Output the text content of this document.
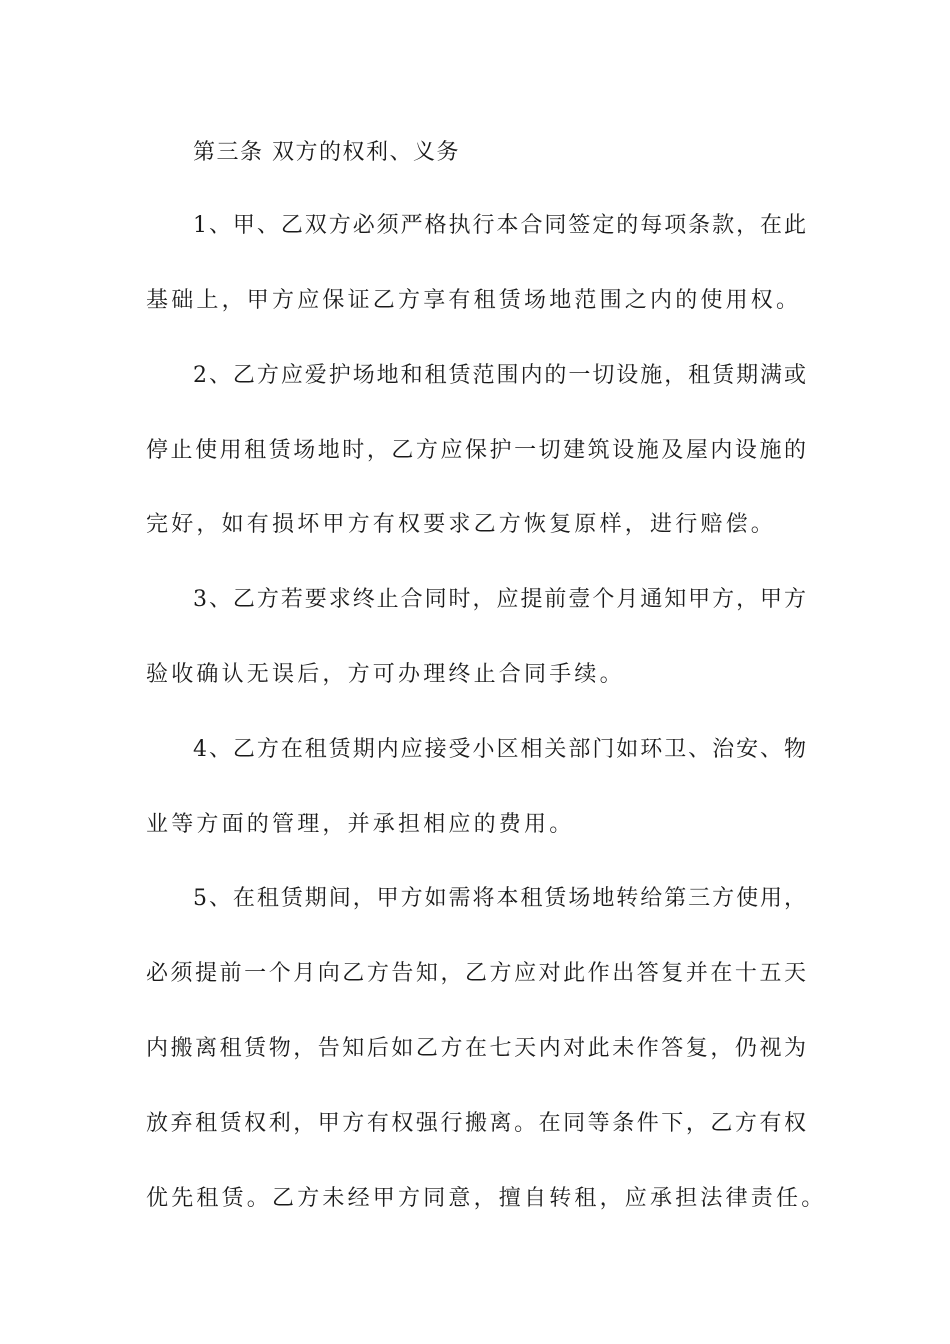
第三条 双方的权利、义务
1、甲、乙双方必须严格执行本合同签定的每项条款，在此
基础上，甲方应保证乙方享有租赁场地范围之内的使用权。
2、乙方应爱护场地和租赁范围内的一切设施，租赁期满或
停止使用租赁场地时，乙方应保护一切建筑设施及屋内设施的
完好，如有损坏甲方有权要求乙方恢复原样，进行赔偿。
3、乙方若要求终止合同时，应提前壹个月通知甲方，甲方
验收确认无误后，方可办理终止合同手续。
4、乙方在租赁期内应接受小区相关部门如环卫、治安、物
业等方面的管理，并承担相应的费用。
5、在租赁期间，甲方如需将本租赁场地转给第三方使用，
必须提前一个月向乙方告知，乙方应对此作出答复并在十五天
内搬离租赁物，告知后如乙方在七天内对此未作答复，仍视为
放弃租赁权利，甲方有权强行搬离。在同等条件下，乙方有权
优先租赁。乙方未经甲方同意，擅自转租，应承担法律责任。
